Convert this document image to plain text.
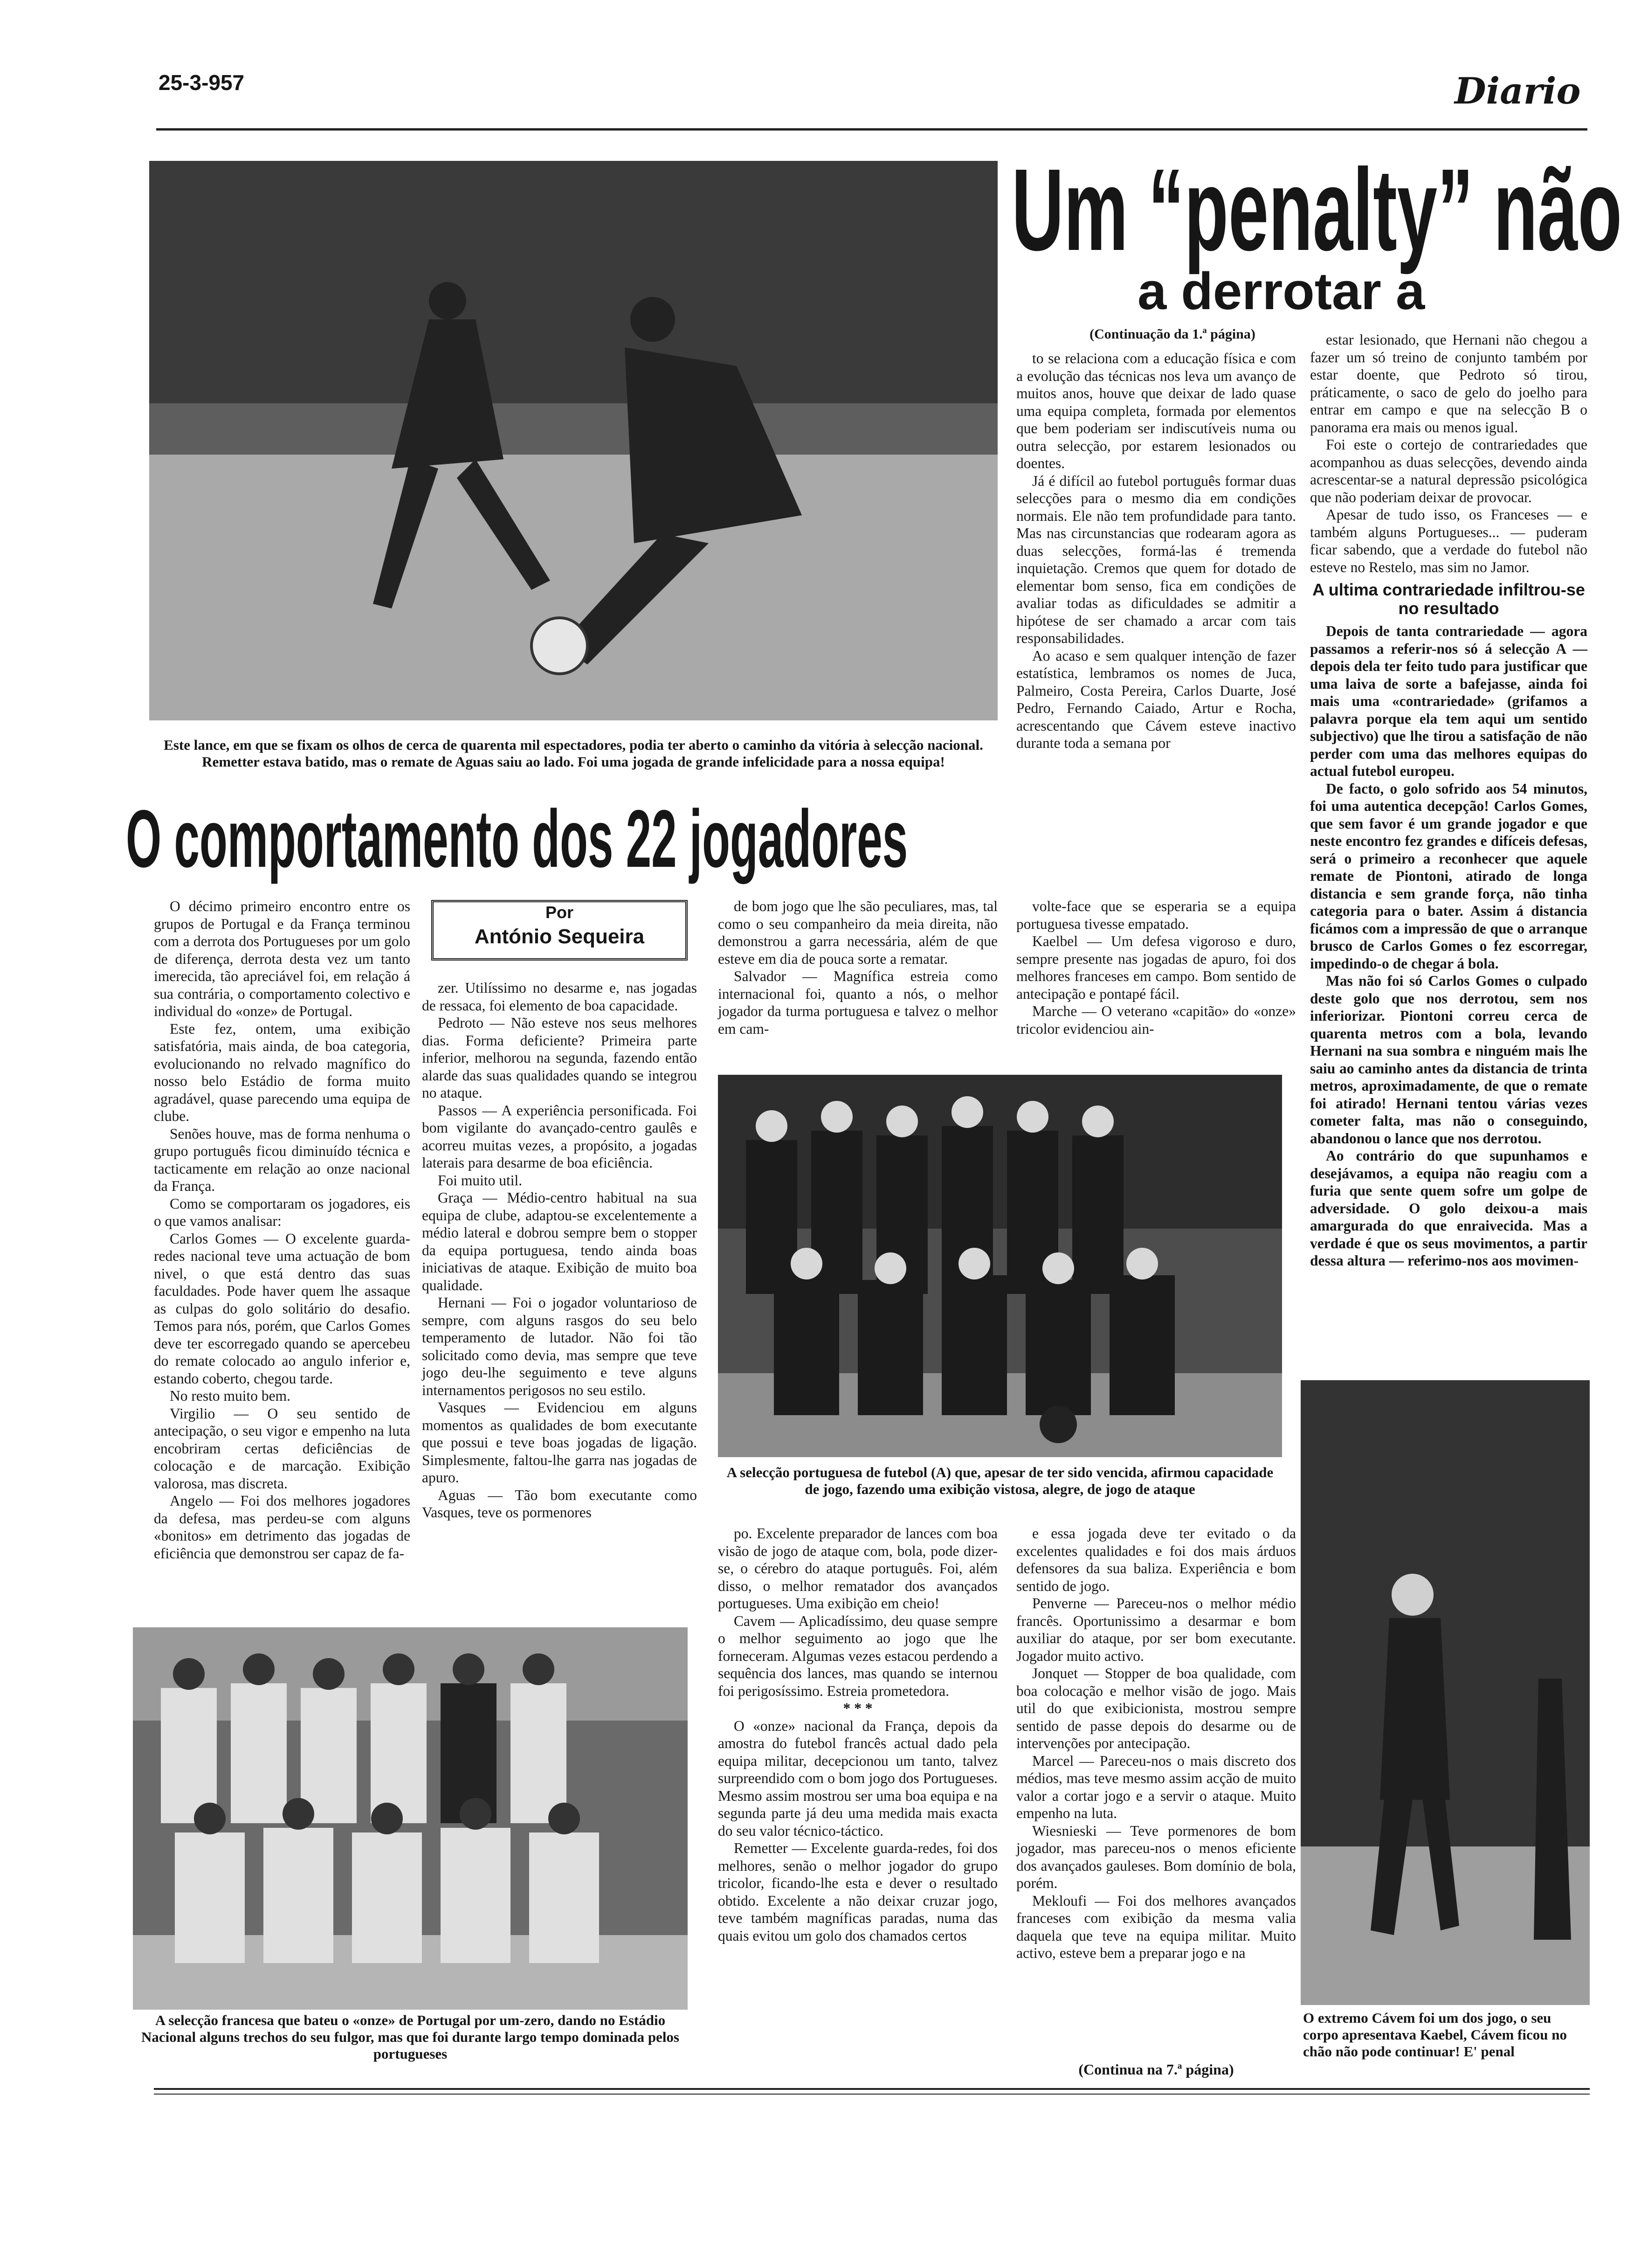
25-3-957	Diario
Um “penalty” não
a derrotar a
Este lance, em que se fixam os olhos de cerca de quarenta mil espectadores, podia ter aberto o caminho da vitória à selecção nacional. Remetter estava batido, mas o remate de Aguas saiu ao lado. Foi uma jogada de grande infelicidade para a nossa equipa!
O comportamento dos 22 jogadores
(Continuação da 1.ª página)

to se relaciona com a educação física e com a evolução das técnicas nos leva um avanço de muitos anos, houve que deixar de lado quase uma equipa completa, formada por elementos que bem poderiam ser indiscutíveis numa ou outra selecção, por estarem lesionados ou doentes.

Já é difícil ao futebol português formar duas selecções para o mesmo dia em condições normais. Ele não tem profundidade para tanto. Mas nas circunstancias que rodearam agora as duas selecções, formá-las é tremenda inquietação. Cremos que quem for dotado de elementar bom senso, fica em condições de avaliar todas as dificuldades se admitir a hipótese de ser chamado a arcar com tais responsabilidades.

Ao acaso e sem qualquer intenção de fazer estatística, lembramos os nomes de Juca, Palmeiro, Costa Pereira, Carlos Duarte, José Pedro, Fernando Caiado, Artur e Rocha, acrescentando que Cávem esteve inactivo durante toda a semana por

estar lesionado, que Hernani não chegou a fazer um só treino de conjunto também por estar doente, que Pedroto só tirou, práticamente, o saco de gelo do joelho para entrar em campo e que na selecção B o panorama era mais ou menos igual.

Foi este o cortejo de contrariedades que acompanhou as duas selecções, devendo ainda acrescentar-se a natural depressão psicológica que não poderiam deixar de provocar.

Apesar de tudo isso, os Franceses — e também alguns Portugueses... — puderam ficar sabendo, que a verdade do futebol não esteve no Restelo, mas sim no Jamor.

A ultima contrariedade infiltrou-se no resultado

Depois de tanta contrariedade — agora passamos a referir-nos só á selecção A — depois dela ter feito tudo para justificar que uma laiva de sorte a bafejasse, ainda foi mais uma «contrariedade» (grifamos a palavra porque ela tem aqui um sentido subjectivo) que lhe tirou a satisfação de não perder com uma das melhores equipas do actual futebol europeu.

De facto, o golo sofrido aos 54 minutos, foi uma autentica decepção! Carlos Gomes, que sem favor é um grande jogador e que neste encontro fez grandes e difíceis defesas, será o primeiro a reconhecer que aquele remate de Piontoni, atirado de longa distancia e sem grande força, não tinha categoria para o bater. Assim á distancia ficámos com a impressão de que o arranque brusco de Carlos Gomes o fez escorregar, impedindo-o de chegar á bola.

Mas não foi só Carlos Gomes o culpado deste golo que nos derrotou, sem nos inferiorizar. Piontoni correu cerca de quarenta metros com a bola, levando Hernani na sua sombra e ninguém mais lhe saiu ao caminho antes da distancia de trinta metros, aproximadamente, de que o remate foi atirado! Hernani tentou várias vezes cometer falta, mas não o conseguindo, abandonou o lance que nos derrotou.

Ao contrário do que supunhamos e desejávamos, a equipa não reagiu com a furia que sente quem sofre um golpe de adversidade. O golo deixou-a mais amargurada do que enraivecida. Mas a verdade é que os seus movimentos, a partir dessa altura — referimo-nos aos movimen-

O décimo primeiro encontro entre os grupos de Portugal e da França terminou com a derrota dos Portugueses por um golo de diferença, derrota desta vez um tanto imerecida, tão apreciável foi, em relação á sua contrária, o comportamento colectivo e individual do «onze» de Portugal.

Este fez, ontem, uma exibição satisfatória, mais ainda, de boa categoria, evolucionando no relvado magnífico do nosso belo Estádio de forma muito agradável, quase parecendo uma equipa de clube.

Senões houve, mas de forma nenhuma o grupo português ficou diminuído técnica e tacticamente em relação ao onze nacional da França.

Como se comportaram os jogadores, eis o que vamos analisar:

Carlos Gomes — O excelente guarda-redes nacional teve uma actuação de bom nivel, o que está dentro das suas faculdades. Pode haver quem lhe assaque as culpas do golo solitário do desafio. Temos para nós, porém, que Carlos Gomes deve ter escorregado quando se apercebeu do remate colocado ao angulo inferior e, estando coberto, chegou tarde.

No resto muito bem.

Virgilio — O seu sentido de antecipação, o seu vigor e empenho na luta encobriram certas deficiências de colocação e de marcação. Exibição valorosa, mas discreta.

Angelo — Foi dos melhores jogadores da defesa, mas perdeu-se com alguns «bonitos» em detrimento das jogadas de eficiência que demonstrou ser capaz de fa-

Por
António Sequeira

zer. Utilíssimo no desarme e, nas jogadas de ressaca, foi elemento de boa capacidade.

Pedroto — Não esteve nos seus melhores dias. Forma deficiente? Primeira parte inferior, melhorou na segunda, fazendo então alarde das suas qualidades quando se integrou no ataque.

Passos — A experiência personificada. Foi bom vigilante do avançado-centro gaulês e acorreu muitas vezes, a propósito, a jogadas laterais para desarme de boa eficiência.

Foi muito util.

Graça — Médio-centro habitual na sua equipa de clube, adaptou-se excelentemente a médio lateral e dobrou sempre bem o stopper da equipa portuguesa, tendo ainda boas iniciativas de ataque. Exibição de muito boa qualidade.

Hernani — Foi o jogador voluntarioso de sempre, com alguns rasgos do seu belo temperamento de lutador. Não foi tão solicitado como devia, mas sempre que teve jogo deu-lhe seguimento e teve alguns internamentos perigosos no seu estilo.

Vasques — Evidenciou em alguns momentos as qualidades de bom executante que possui e teve boas jogadas de ligação. Simplesmente, faltou-lhe garra nas jogadas de apuro.

Aguas — Tão bom executante como Vasques, teve os pormenores

de bom jogo que lhe são peculiares, mas, tal como o seu companheiro da meia direita, não demonstrou a garra necessária, além de que esteve em dia de pouca sorte a rematar.

Salvador — Magnífica estreia como internacional foi, quanto a nós, o melhor jogador da turma portuguesa e talvez o melhor em cam-

volte-face que se esperaria se a equipa portuguesa tivesse empatado.

Kaelbel — Um defesa vigoroso e duro, sempre presente nas jogadas de apuro, foi dos melhores franceses em campo. Bom sentido de antecipação e pontapé fácil.

Marche — O veterano «capitão» do «onze» tricolor evidenciou ain-

A selecção portuguesa de futebol (A) que, apesar de ter sido vencida, afirmou capacidade de jogo, fazendo uma exibição vistosa, alegre, de jogo de ataque

po. Excelente preparador de lances com boa visão de jogo de ataque com, bola, pode dizer-se, o cérebro do ataque português. Foi, além disso, o melhor rematador dos avançados portugueses. Uma exibição em cheio!

Cavem — Aplicadíssimo, deu quase sempre o melhor seguimento ao jogo que lhe forneceram. Algumas vezes estacou perdendo a sequência dos lances, mas quando se internou foi perigosíssimo. Estreia prometedora.

* * *

O «onze» nacional da França, depois da amostra do futebol francês actual dado pela equipa militar, decepcionou um tanto, talvez surpreendido com o bom jogo dos Portugueses. Mesmo assim mostrou ser uma boa equipa e na segunda parte já deu uma medida mais exacta do seu valor técnico-táctico.

Remetter — Excelente guarda-redes, foi dos melhores, senão o melhor jogador do grupo tricolor, ficando-lhe esta e dever o resultado obtido. Excelente a não deixar cruzar jogo, teve também magníficas paradas, numa das quais evitou um golo dos chamados certos

e essa jogada deve ter evitado o da excelentes qualidades e foi dos mais árduos defensores da sua baliza. Experiência e bom sentido de jogo.

Penverne — Pareceu-nos o melhor médio francês. Oportunissimo a desarmar e bom auxiliar do ataque, por ser bom executante. Jogador muito activo.

Jonquet — Stopper de boa qualidade, com boa colocação e melhor visão de jogo. Mais util do que exibicionista, mostrou sempre sentido de passe depois do desarme ou de intervenções por antecipação.

Marcel — Pareceu-nos o mais discreto dos médios, mas teve mesmo assim acção de muito valor a cortar jogo e a servir o ataque. Muito empenho na luta.

Wiesnieski — Teve pormenores de bom jogador, mas pareceu-nos o menos eficiente dos avançados gauleses. Bom domínio de bola, porém.

Mekloufi — Foi dos melhores avançados franceses com exibição da mesma valia daquela que teve na equipa militar. Muito activo, esteve bem a preparar jogo e na

(Continua na 7.ª página)
A selecção francesa que bateu o «onze» de Portugal por um-zero, dando no Estádio Nacional alguns trechos do seu fulgor, mas que foi durante largo tempo dominada pelos portugueses
O extremo Cávem foi um dos jogo, o seu corpo apresentava Kaebel, Cávem ficou no chão não pode continuar! E' penal
